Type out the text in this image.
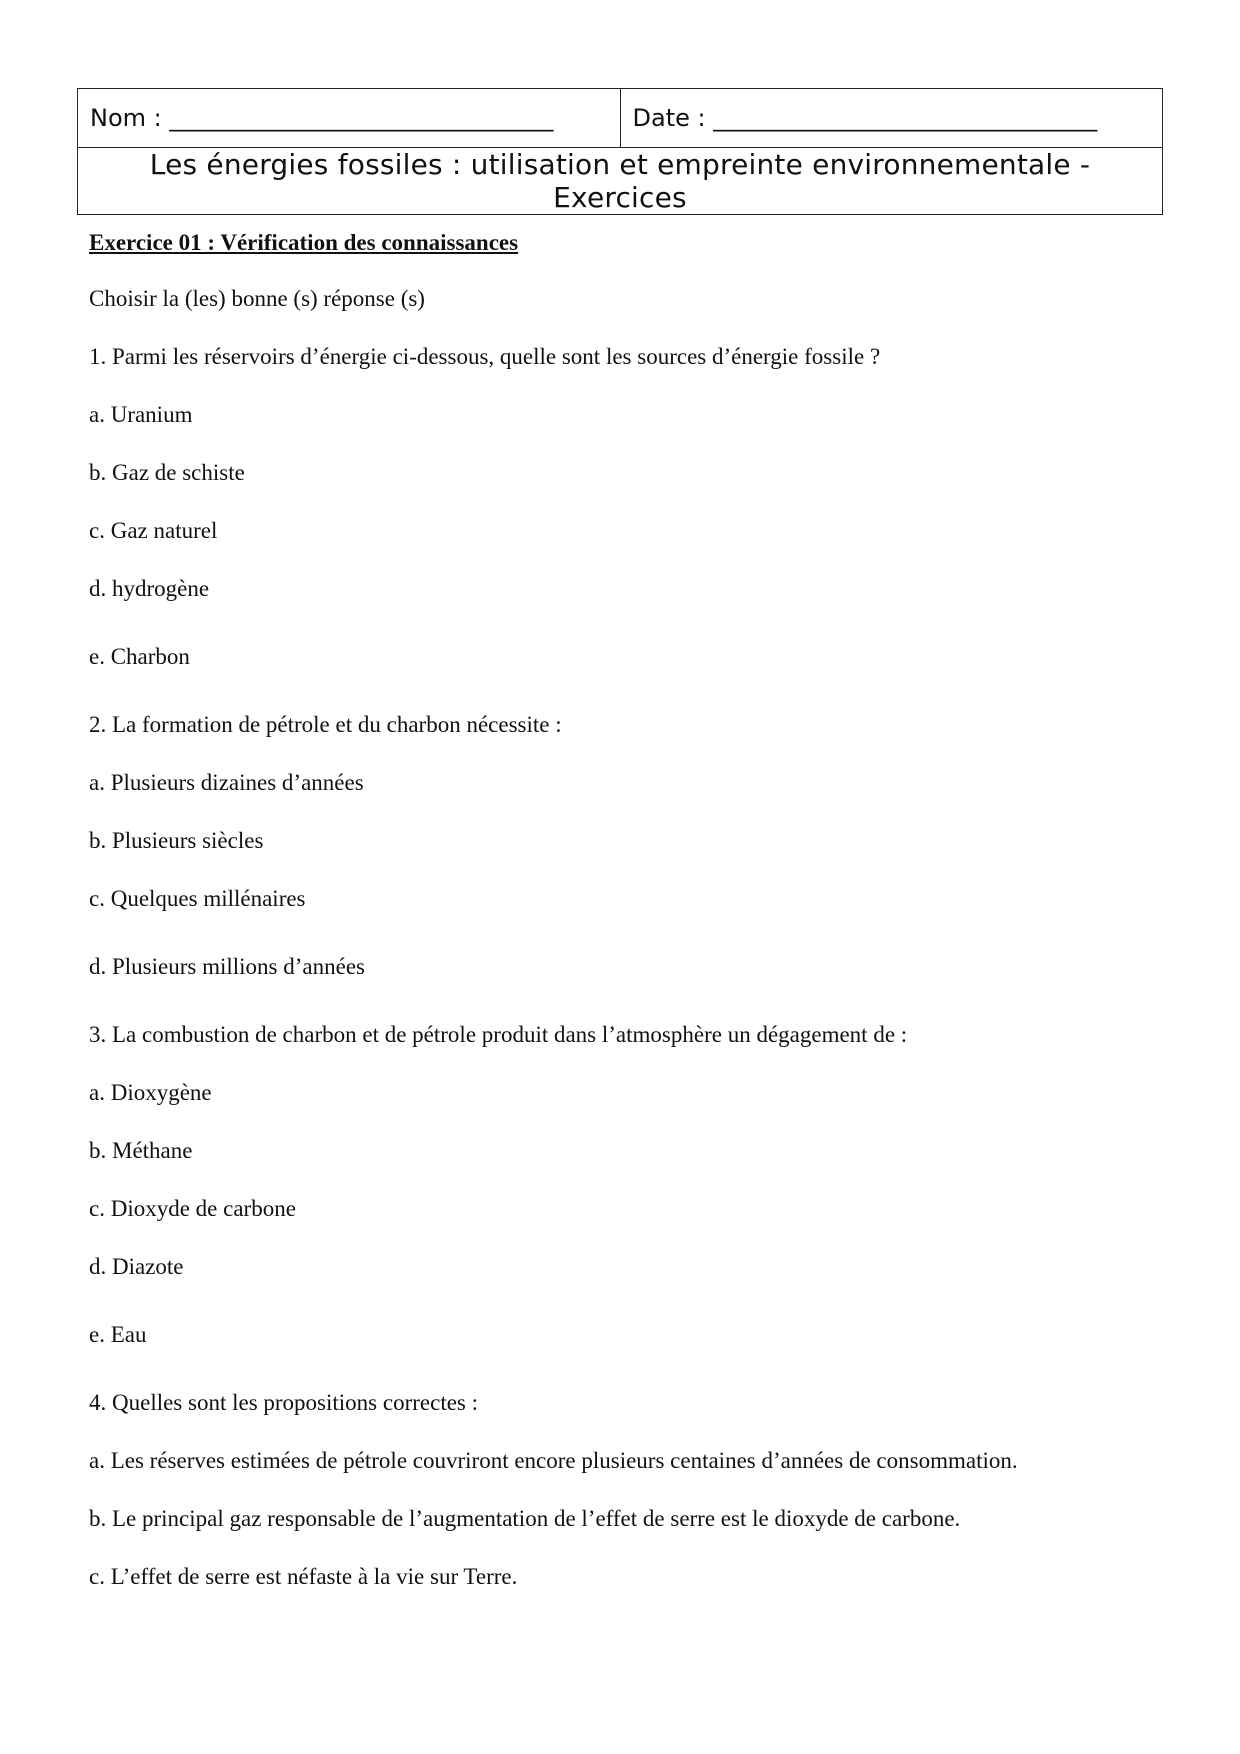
Nom : ________________________________	Date : ________________________________
Les énergies fossiles : utilisation et empreinte environnementale - Exercices

Exercice 01 : Vérification des connaissances

Choisir la (les) bonne (s) réponse (s)

1. Parmi les réservoirs d’énergie ci-dessous, quelle sont les sources d’énergie fossile ?

a. Uranium

b. Gaz de schiste

c. Gaz naturel

d. hydrogène

e. Charbon

2. La formation de pétrole et du charbon nécessite :

a. Plusieurs dizaines d’années

b. Plusieurs siècles

c. Quelques millénaires

d. Plusieurs millions d’années

3. La combustion de charbon et de pétrole produit dans l’atmosphère un dégagement de :

a. Dioxygène

b. Méthane

c. Dioxyde de carbone

d. Diazote

e. Eau

4. Quelles sont les propositions correctes :

a. Les réserves estimées de pétrole couvriront encore plusieurs centaines d’années de consommation.

b. Le principal gaz responsable de l’augmentation de l’effet de serre est le dioxyde de carbone.

c. L’effet de serre est néfaste à la vie sur Terre.
